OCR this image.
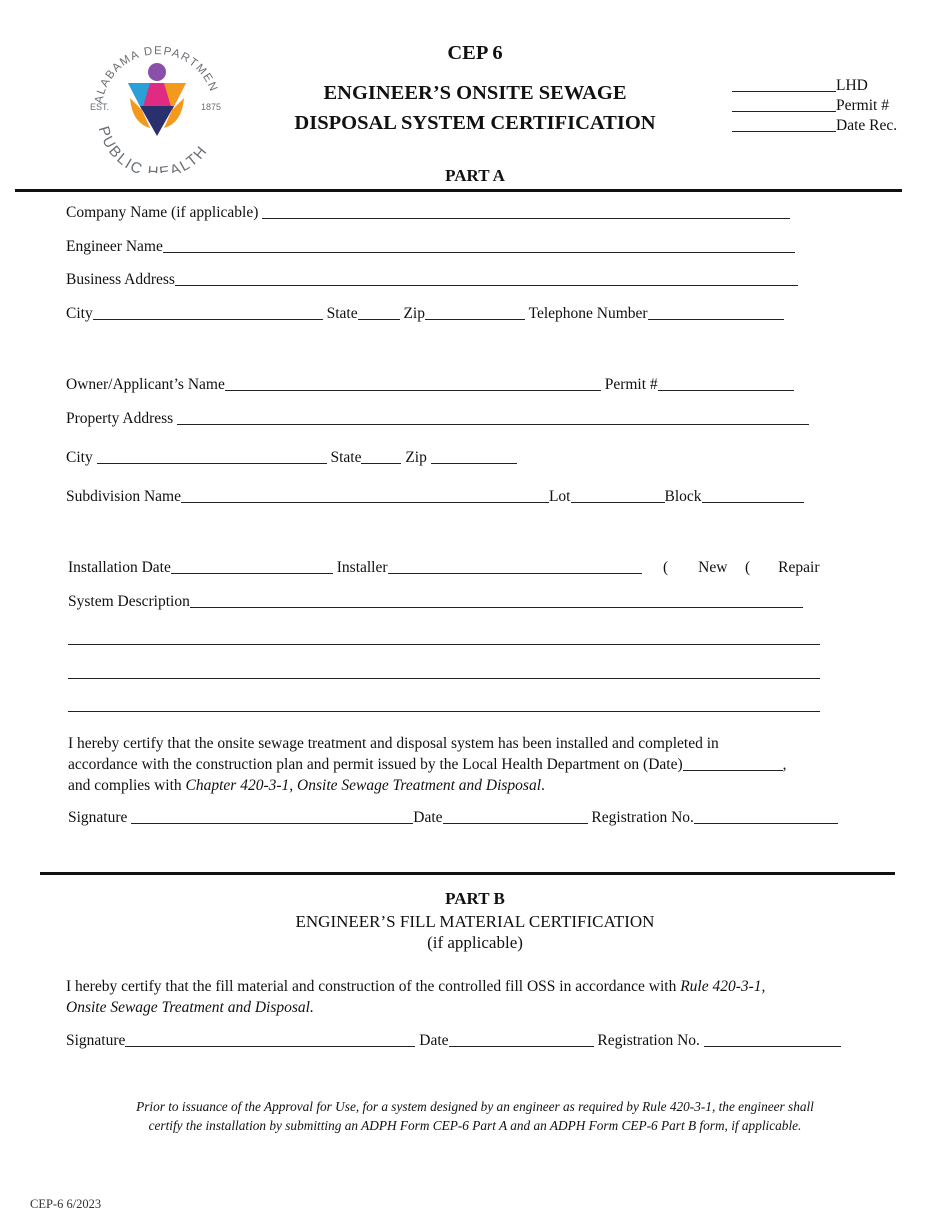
ALABAMA DEPARTMEN
PUBLIC HEALTH
EST.	1875
CEP 6
ENGINEER’S ONSITE SEWAGE
DISPOSAL SYSTEM CERTIFICATION
LHD
Permit #
Date Rec.
PART A
Company Name (if applicable)
Engineer Name
Business Address
City	State	Zip	Telephone Number
Owner/Applicant’s Name	Permit #
Property Address
City	State	Zip
Subdivision Name	Lot	Block
Installation Date	Installer	( New ( Repair
System Description
I hereby certify that the onsite sewage treatment and disposal system has been installed and completed in
accordance with the construction plan and permit issued by the Local Health Department on (Date)	,
and complies with Chapter 420-3-1, Onsite Sewage Treatment and Disposal.
Signature	Date	Registration No.
PART B
ENGINEER’S FILL MATERIAL CERTIFICATION
(if applicable)
I hereby certify that the fill material and construction of the controlled fill OSS in accordance with Rule 420-3-1,
Onsite Sewage Treatment and Disposal.
Signature	Date	Registration No.
Prior to issuance of the Approval for Use, for a system designed by an engineer as required by Rule 420-3-1, the engineer shall
certify the installation by submitting an ADPH Form CEP-6 Part A and an ADPH Form CEP-6 Part B form, if applicable.
CEP-6 6/2023
